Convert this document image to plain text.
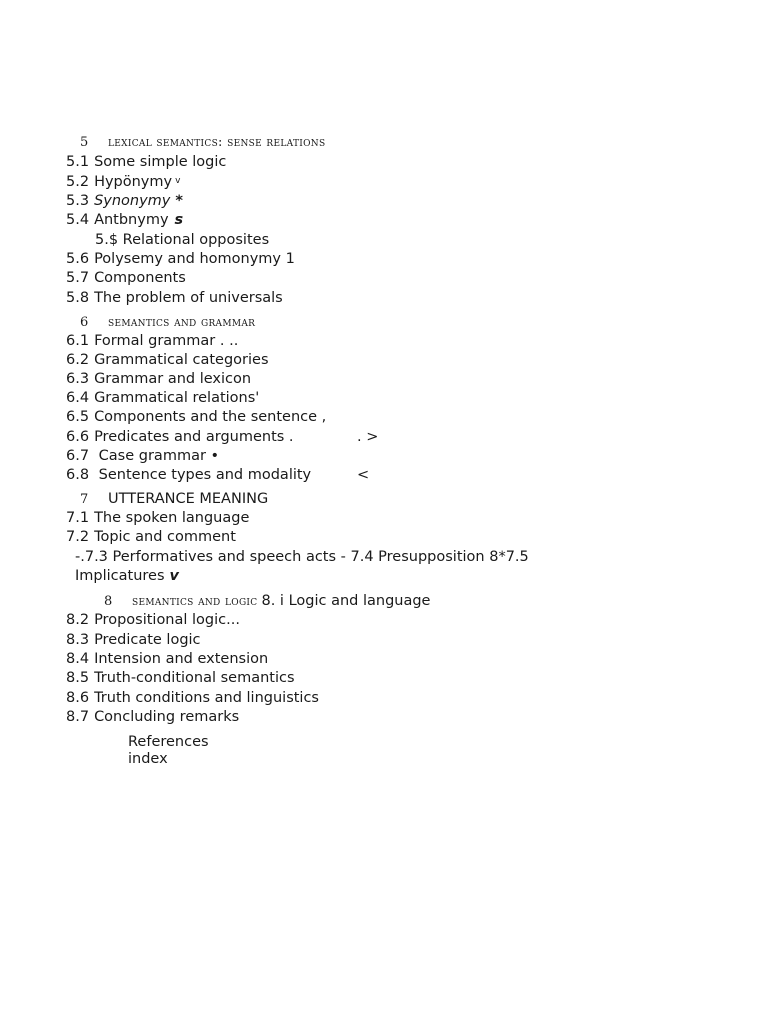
5 lexical semantics: sense relations
5.1 Some simple logic
5.2 Hypönymy $^v$
5.3 Synonymy *
5.4 Antbnymy s
5.$ Relational opposites
5.6 Polysemy and homonymy 1
5.7 Components
5.8 The problem of universals
6 semantics and grammar
6.1 Formal grammar . ..
6.2 Grammatical categories
6.3 Grammar and lexicon
6.4 Grammatical relations'
6.5 Components and the sentence ,
6.6 Predicates and arguments .	. >
6.7 Case grammar •
6.8 Sentence types and modality	<
7 UTTERANCE MEANING
7.1 The spoken language
7.2 Topic and comment
-.7.3 Performatives and speech acts - 7.4 Presupposition 8*7.5
Implicatures v
8 semantics and logic 8. i Logic and language
8.2 Propositional logic...
8.3 Predicate logic
8.4 Intension and extension
8.5 Truth-conditional semantics
8.6 Truth conditions and linguistics
8.7 Concluding remarks
References
index
